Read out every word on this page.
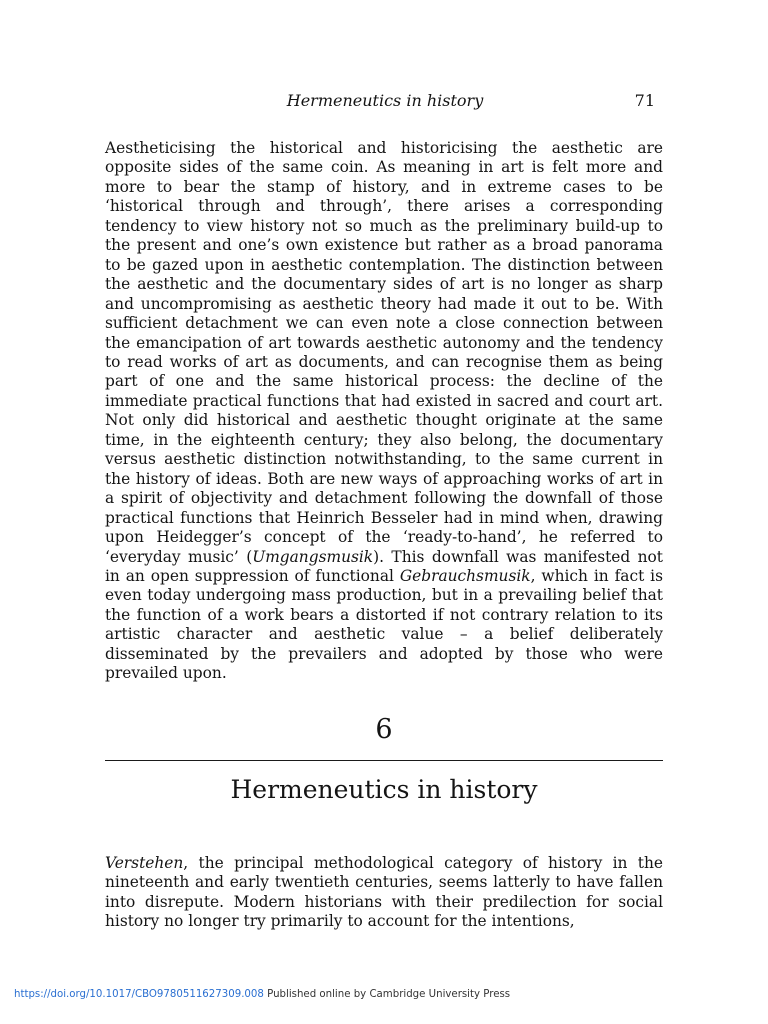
Hermeneutics in history	71

Aestheticising the historical and historicising the aesthetic are opposite sides of the same coin. As meaning in art is felt more and more to bear the stamp of history, and in extreme cases to be ‘historical through and through’, there arises a corresponding tendency to view history not so much as the preliminary build-up to the present and one’s own existence but rather as a broad panorama to be gazed upon in aesthetic contemplation. The distinction between the aesthetic and the documentary sides of art is no longer as sharp and uncompromising as aesthetic theory had made it out to be. With sufficient detachment we can even note a close connection between the emancipation of art towards aesthetic autonomy and the tendency to read works of art as documents, and can recognise them as being part of one and the same historical process: the decline of the immediate practical functions that had existed in sacred and court art. Not only did historical and aesthetic thought originate at the same time, in the eighteenth century; they also belong, the documentary versus aesthetic distinction notwithstanding, to the same current in the history of ideas. Both are new ways of approaching works of art in a spirit of objectivity and detachment following the downfall of those practical functions that Heinrich Besseler had in mind when, drawing upon Heidegger’s concept of the ‘ready-to-hand’, he referred to ‘everyday music’ (Umgangsmusik). This downfall was manifested not in an open suppression of functional Gebrauchsmusik, which in fact is even today undergoing mass production, but in a prevailing belief that the function of a work bears a distorted if not contrary relation to its artistic character and aesthetic value – a belief deliberately disseminated by the prevailers and adopted by those who were prevailed upon.

6
Hermeneutics in history

Verstehen, the principal methodological category of history in the nineteenth and early twentieth centuries, seems latterly to have fallen into disrepute. Modern historians with their predilection for social history no longer try primarily to account for the intentions,

https://doi.org/10.1017/CBO9780511627309.008 Published online by Cambridge University Press
